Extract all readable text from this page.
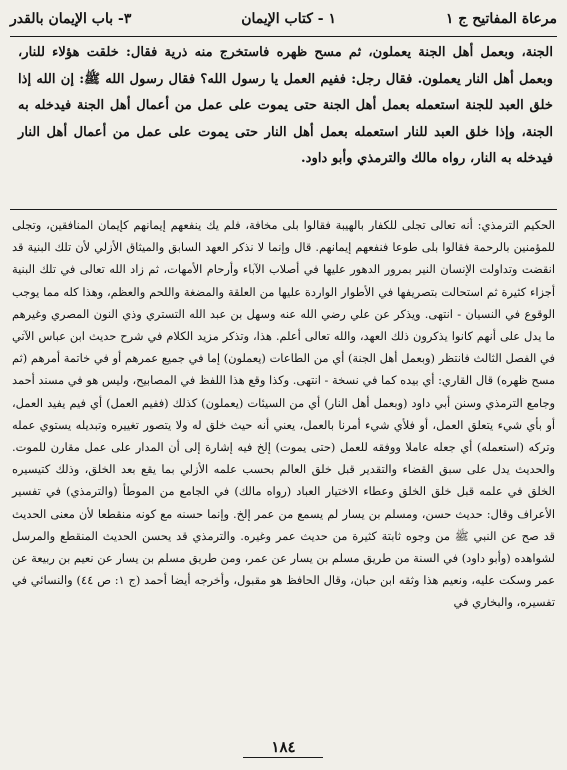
مرعاة المفاتيح ج ١
١ - كتاب الإيمان
٣- باب الإيمان بالقدر

الجنة، وبعمل أهل الجنة يعملون، ثم مسح ظهره فاستخرج منه ذرية فقال: خلقت هؤلاء للنار، وبعمل أهل النار يعملون. فقال رجل: ففيم العمل يا رسول الله؟ فقال رسول الله ﷺ: إن الله إذا خلق العبد للجنة استعمله بعمل أهل الجنة حتى يموت على عمل من أعمال أهل الجنة فيدخله به الجنة، وإذا خلق العبد للنار استعمله بعمل أهل النار حتى يموت على عمل من أعمال أهل النار فيدخله به النار، رواه مالك والترمذي وأبو داود.

الحكيم الترمذي: أنه تعالى تجلى للكفار بالهيبة فقالوا بلى مخافة، فلم يك ينفعهم إيمانهم كإيمان المنافقين، وتجلى للمؤمنين بالرحمة فقالوا بلى طوعا فنفعهم إيمانهم. قال وإنما لا نذكر العهد السابق والميثاق الأزلي لأن تلك البنية قد انقضت وتداولت الإنسان النير بمرور الدهور عليها في أصلاب الآباء وأرحام الأمهات، ثم زاد الله تعالى في تلك البنية أجزاء كثيرة ثم استحالت بتصريفها في الأطوار الواردة عليها من العلقة والمضغة واللحم والعظم، وهذا كله مما يوجب الوقوع في النسيان - انتهى. ويذكر عن علي رضي الله عنه وسهل بن عبد الله التستري وذي النون المصري وغيرهم ما يدل على أنهم كانوا يذكرون ذلك العهد، والله تعالى أعلم. هذا، وتذكر مزيد الكلام في شرح حديث ابن عباس الآتي في الفصل الثالث فانتظر (وبعمل أهل الجنة) أي من الطاعات (يعملون) إما في جميع عمرهم أو في خاتمة أمرهم (ثم مسح ظهره) قال القاري: أي بيده كما في نسخة - انتهى. وكذا وقع هذا اللفظ في المصابيح، وليس هو في مسند أحمد وجامع الترمذي وسنن أبي داود (وبعمل أهل النار) أي من السيئات (يعملون) كذلك (ففيم العمل) أي فيم يفيد العمل، أو بأي شيء يتعلق العمل، أو فلأي شيء أمرنا بالعمل، يعني أنه حيث خلق له ولا يتصور تغييره وتبديله يستوي عمله وتركه (استعمله) أي جعله عاملا ووفقه للعمل (حتى يموت) إلخ فيه إشارة إلى أن المدار على عمل مقارن للموت. والحديث يدل على سبق القضاء والتقدير قبل خلق العالم بحسب علمه الأزلي بما يقع بعد الخلق، وذلك كتيسيره الخلق في علمه قبل خلق الخلق وعطاء الاختيار العباد (رواه مالك) في الجامع من الموطأ (والترمذي) في تفسير الأعراف وقال: حديث حسن، ومسلم بن يسار لم يسمع من عمر إلخ. وإنما حسنه مع كونه منقطعا لأن معنى الحديث قد صح عن النبي ﷺ من وجوه ثابتة كثيرة من حديث عمر وغيره. والترمذي قد يحسن الحديث المنقطع والمرسل لشواهده (وأبو داود) في السنة من طريق مسلم بن يسار عن عمر، ومن طريق مسلم بن يسار عن نعيم بن ربيعة عن عمر وسكت عليه، ونعيم هذا وثقه ابن حبان، وقال الحافظ هو مقبول، وأخرجه أيضا أحمد (ج ١: ص ٤٤) والنسائي في تفسيره، والبخاري في

١٨٤
